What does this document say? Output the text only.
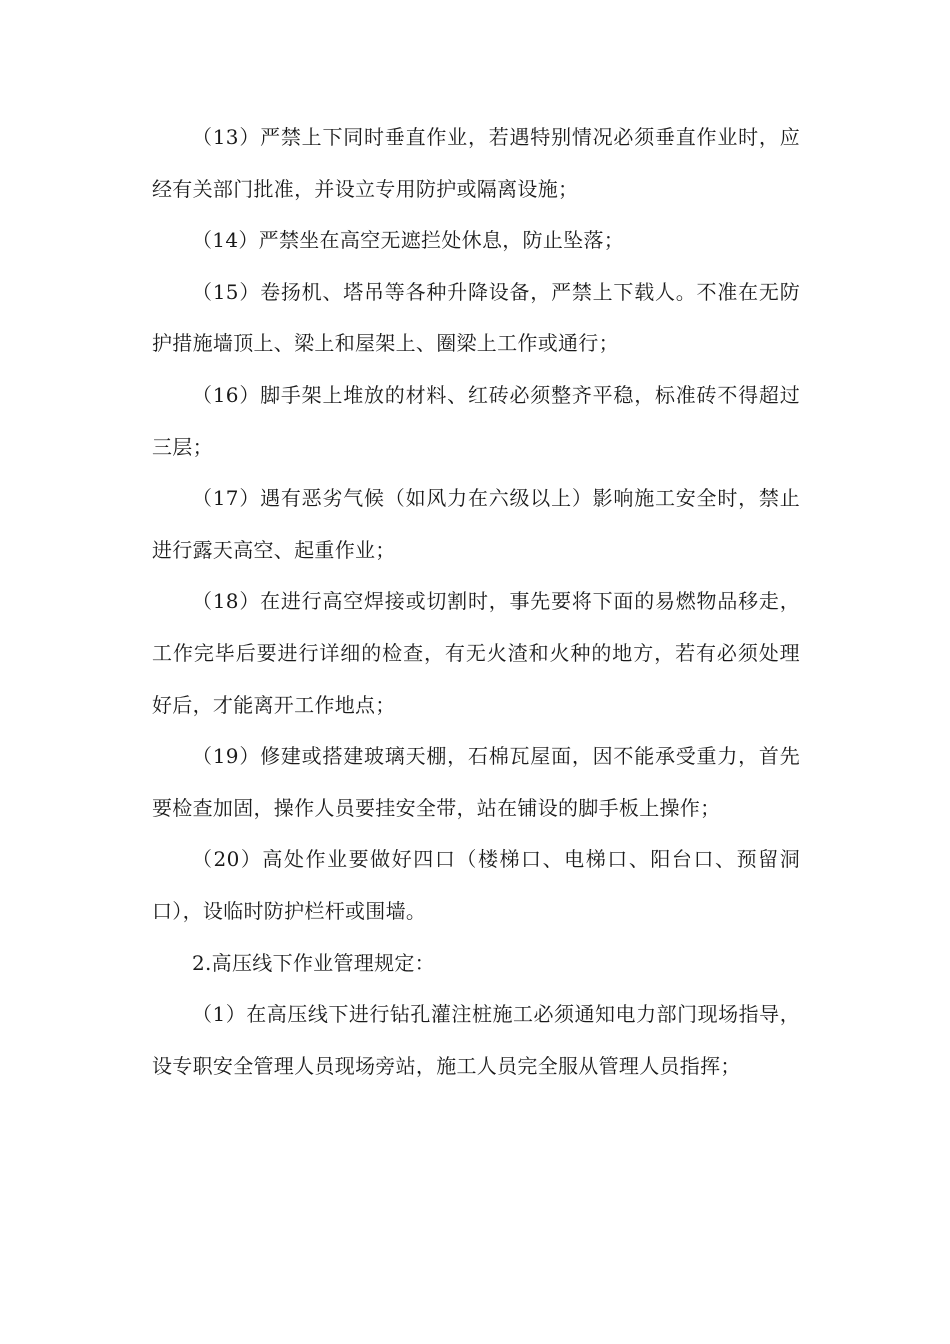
（13）严禁上下同时垂直作业，若遇特别情况必须垂直作业时，应经有关部门批准，并设立专用防护或隔离设施；

（14）严禁坐在高空无遮拦处休息，防止坠落；

（15）卷扬机、塔吊等各种升降设备，严禁上下载人。不准在无防护措施墙顶上、梁上和屋架上、圈梁上工作或通行；

（16）脚手架上堆放的材料、红砖必须整齐平稳，标准砖不得超过三层；

（17）遇有恶劣气候（如风力在六级以上）影响施工安全时，禁止进行露天高空、起重作业；

（18）在进行高空焊接或切割时，事先要将下面的易燃物品移走，工作完毕后要进行详细的检查，有无火渣和火种的地方，若有必须处理好后，才能离开工作地点；

（19）修建或搭建玻璃天棚，石棉瓦屋面，因不能承受重力，首先要检查加固，操作人员要挂安全带，站在铺设的脚手板上操作；

（20）高处作业要做好四口（楼梯口、电梯口、阳台口、预留洞口），设临时防护栏杆或围墙。

2.高压线下作业管理规定：

（1）在高压线下进行钻孔灌注桩施工必须通知电力部门现场指导，设专职安全管理人员现场旁站，施工人员完全服从管理人员指挥；
